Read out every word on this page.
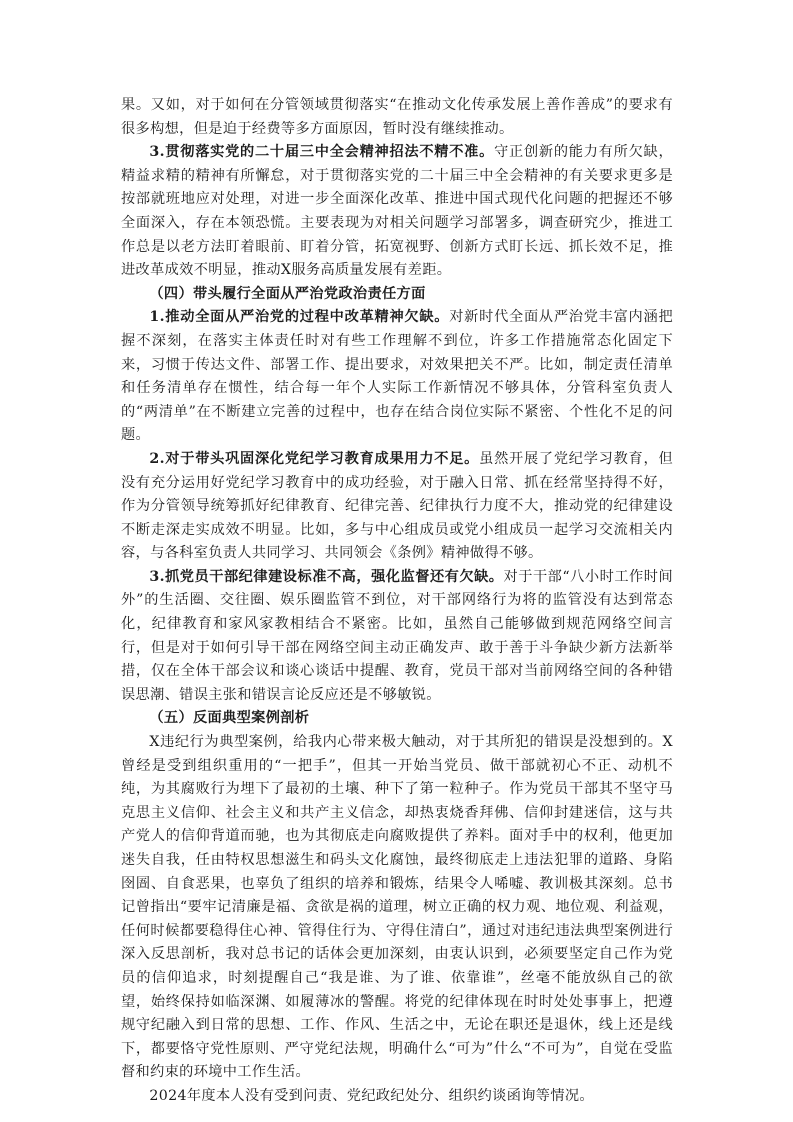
果。又如，对于如何在分管领域贯彻落实“在推动文化传承发展上善作善成”的要求有很多构想，但是迫于经费等多方面原因，暂时没有继续推动。

3.贯彻落实党的二十届三中全会精神招法不精不准。守正创新的能力有所欠缺，精益求精的精神有所懈怠，对于贯彻落实党的二十届三中全会精神的有关要求更多是按部就班地应对处理，对进一步全面深化改革、推进中国式现代化问题的把握还不够全面深入，存在本领恐慌。主要表现为对相关问题学习部署多，调查研究少，推进工作总是以老方法盯着眼前、盯着分管，拓宽视野、创新方式盯长远、抓长效不足，推进改革成效不明显，推动X服务高质量发展有差距。

（四）带头履行全面从严治党政治责任方面

1.推动全面从严治党的过程中改革精神欠缺。对新时代全面从严治党丰富内涵把握不深刻，在落实主体责任时对有些工作理解不到位，许多工作措施常态化固定下来，习惯于传达文件、部署工作、提出要求，对效果把关不严。比如，制定责任清单和任务清单存在惯性，结合每一年个人实际工作新情况不够具体，分管科室负责人的“两清单”在不断建立完善的过程中，也存在结合岗位实际不紧密、个性化不足的问题。

2.对于带头巩固深化党纪学习教育成果用力不足。虽然开展了党纪学习教育，但没有充分运用好党纪学习教育中的成功经验，对于融入日常、抓在经常坚持得不好，作为分管领导统筹抓好纪律教育、纪律完善、纪律执行力度不大，推动党的纪律建设不断走深走实成效不明显。比如，多与中心组成员或党小组成员一起学习交流相关内容，与各科室负责人共同学习、共同领会《条例》精神做得不够。

3.抓党员干部纪律建设标准不高，强化监督还有欠缺。对于干部“八小时工作时间外”的生活圈、交往圈、娱乐圈监管不到位，对干部网络行为将的监管没有达到常态化，纪律教育和家风家教相结合不紧密。比如，虽然自己能够做到规范网络空间言行，但是对于如何引导干部在网络空间主动正确发声、敢于善于斗争缺少新方法新举措，仅在全体干部会议和谈心谈话中提醒、教育，党员干部对当前网络空间的各种错误思潮、错误主张和错误言论反应还是不够敏锐。

（五）反面典型案例剖析

X违纪行为典型案例，给我内心带来极大触动，对于其所犯的错误是没想到的。X曾经是受到组织重用的“一把手”，但其一开始当党员、做干部就初心不正、动机不纯，为其腐败行为埋下了最初的土壤、种下了第一粒种子。作为党员干部其不坚守马克思主义信仰、社会主义和共产主义信念，却热衷烧香拜佛、信仰封建迷信，这与共产党人的信仰背道而驰，也为其彻底走向腐败提供了养料。面对手中的权利，他更加迷失自我，任由特权思想滋生和码头文化腐蚀，最终彻底走上违法犯罪的道路、身陷囹圄、自食恶果，也辜负了组织的培养和锻炼，结果令人唏嘘、教训极其深刻。总书记曾指出“要牢记清廉是福、贪欲是祸的道理，树立正确的权力观、地位观、利益观，任何时候都要稳得住心神、管得住行为、守得住清白”，通过对违纪违法典型案例进行深入反思剖析，我对总书记的话体会更加深刻，由衷认识到，必须要坚定自己作为党员的信仰追求，时刻提醒自己“我是谁、为了谁、依靠谁”，丝毫不能放纵自己的欲望，始终保持如临深渊、如履薄冰的警醒。将党的纪律体现在时时处处事事上，把遵规守纪融入到日常的思想、工作、作风、生活之中，无论在职还是退休，线上还是线下，都要恪守党性原则、严守党纪法规，明确什么“可为”什么“不可为”，自觉在受监督和约束的环境中工作生活。

2024年度本人没有受到问责、党纪政纪处分、组织约谈函询等情况。
